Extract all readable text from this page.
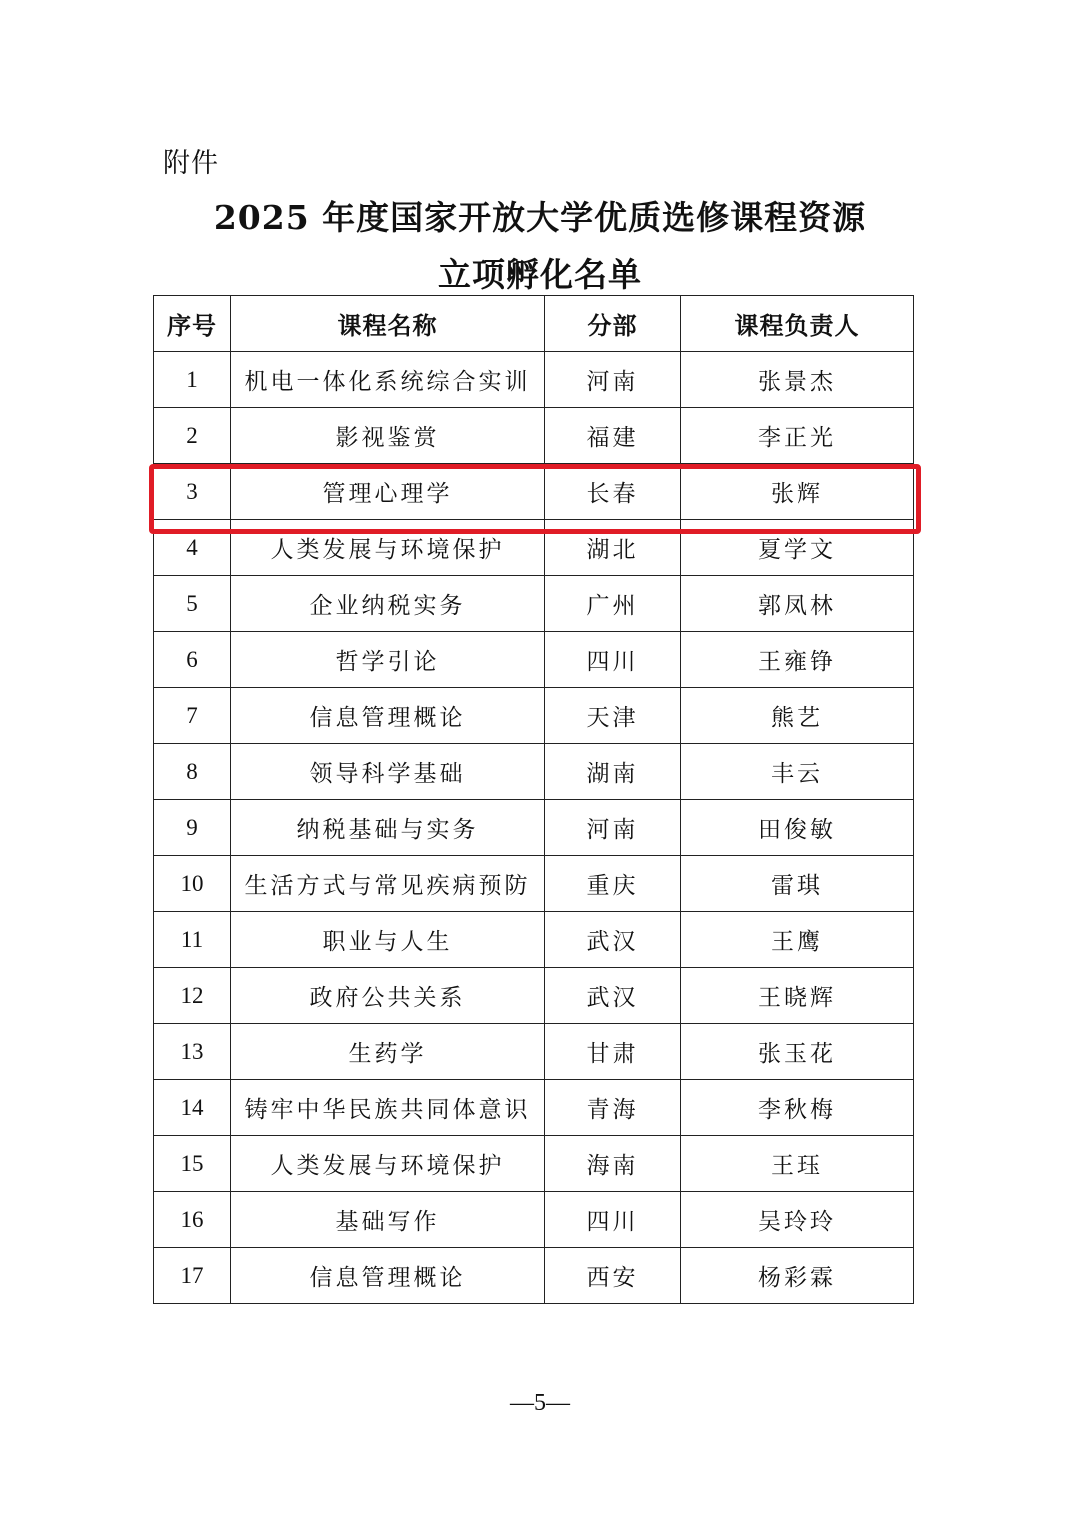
附件
2025 年度国家开放大学优质选修课程资源
立项孵化名单
序号	课程名称	分部	课程负责人
1	机电一体化系统综合实训	河南	张景杰
2	影视鉴赏	福建	李正光
3	管理心理学	长春	张辉
4	人类发展与环境保护	湖北	夏学文
5	企业纳税实务	广州	郭凤林
6	哲学引论	四川	王雍铮
7	信息管理概论	天津	熊艺
8	领导科学基础	湖南	丰云
9	纳税基础与实务	河南	田俊敏
10	生活方式与常见疾病预防	重庆	雷琪
11	职业与人生	武汉	王鹰
12	政府公共关系	武汉	王晓辉
13	生药学	甘肃	张玉花
14	铸牢中华民族共同体意识	青海	李秋梅
15	人类发展与环境保护	海南	王珏
16	基础写作	四川	吴玲玲
17	信息管理概论	西安	杨彩霖
—5—
